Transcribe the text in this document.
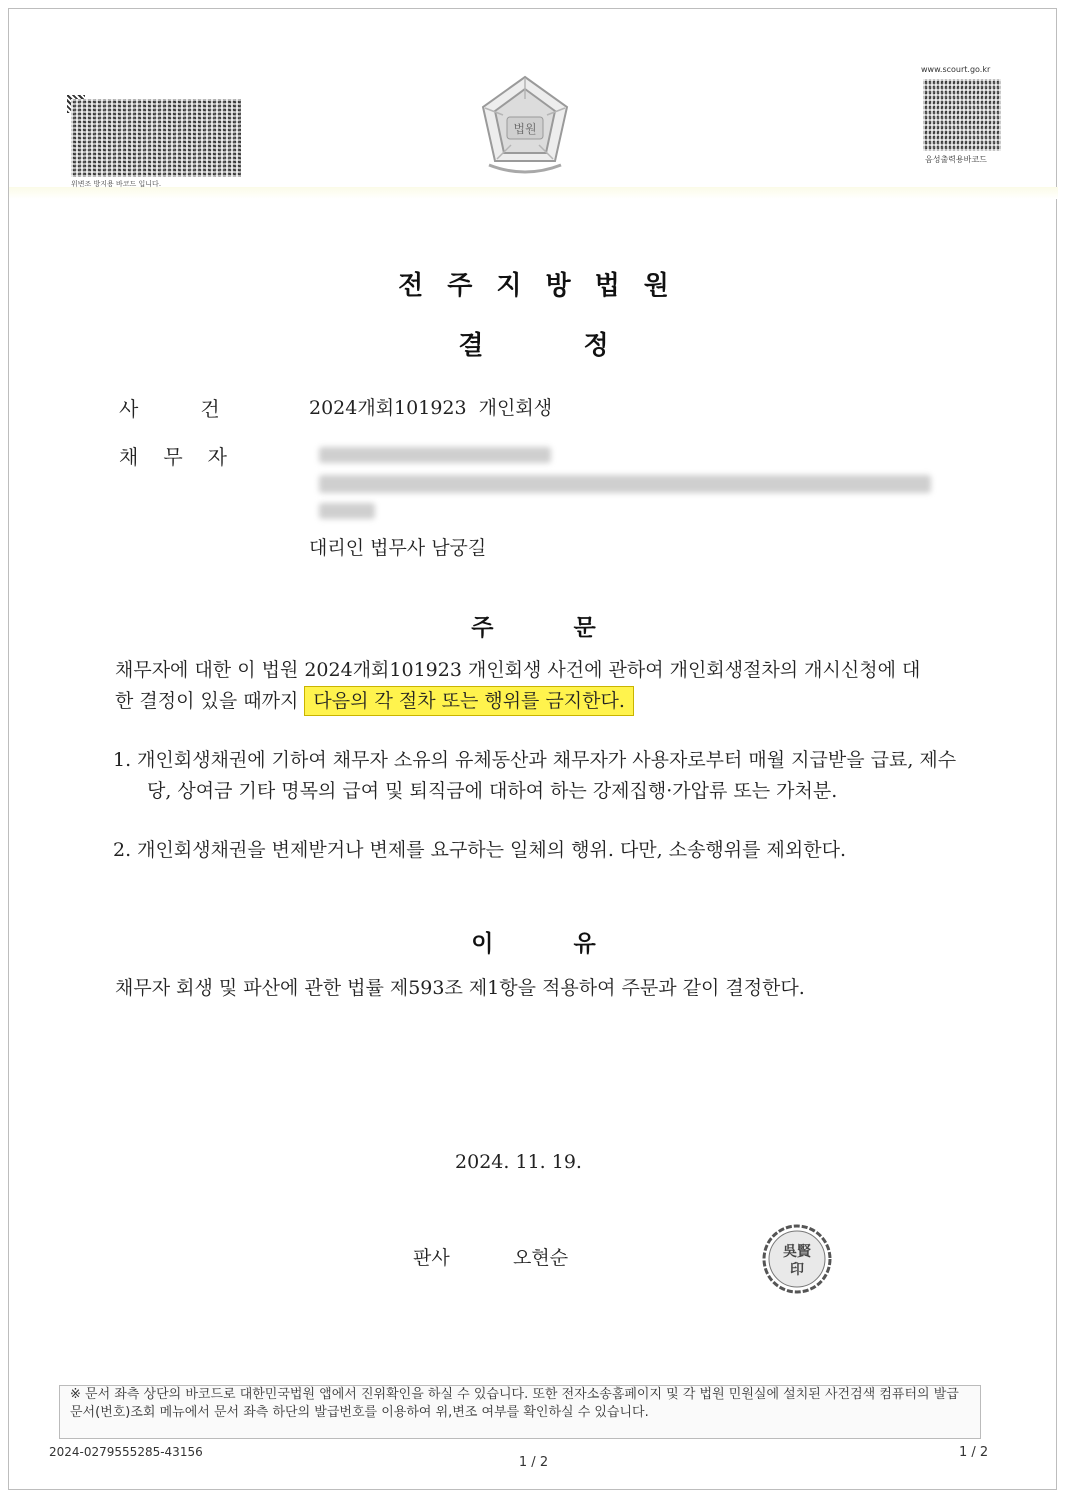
위변조 방지용 바코드 입니다.
법원
www.scourt.go.kr
음성출력용바코드
전주지방법원
결정
사건 2024개회101923  개인회생
채무자
대리인 법무사 남궁길
주문
채무자에 대한 이 법원 2024개회101923 개인회생 사건에 관하여 개인회생절차의 개시신청에 대한 결정이 있을 때까지 다음의 각 절차 또는 행위를 금지한다.
1. 개인회생채권에 기하여 채무자 소유의 유체동산과 채무자가 사용자로부터 매월 지급받을 급료, 제수당, 상여금 기타 명목의 급여 및 퇴직금에 대하여 하는 강제집행·가압류 또는 가처분.
2. 개인회생채권을 변제받거나 변제를 요구하는 일체의 행위. 다만, 소송행위를 제외한다.
이유
채무자 회생 및 파산에 관한 법률 제593조 제1항을 적용하여 주문과 같이 결정한다.
2024. 11. 19.
판사	오현순	吳賢
印
※ 문서 좌측 상단의 바코드로 대한민국법원 앱에서 진위확인을 하실 수 있습니다. 또한 전자소송홈페이지 및 각 법원 민원실에 설치된 사건검색 컴퓨터의 발급문서(번호)조회 메뉴에서 문서 좌측 하단의 발급번호를 이용하여 위,변조 여부를 확인하실 수 있습니다.
2024-0279555285-43156
1 / 2
1 / 2
